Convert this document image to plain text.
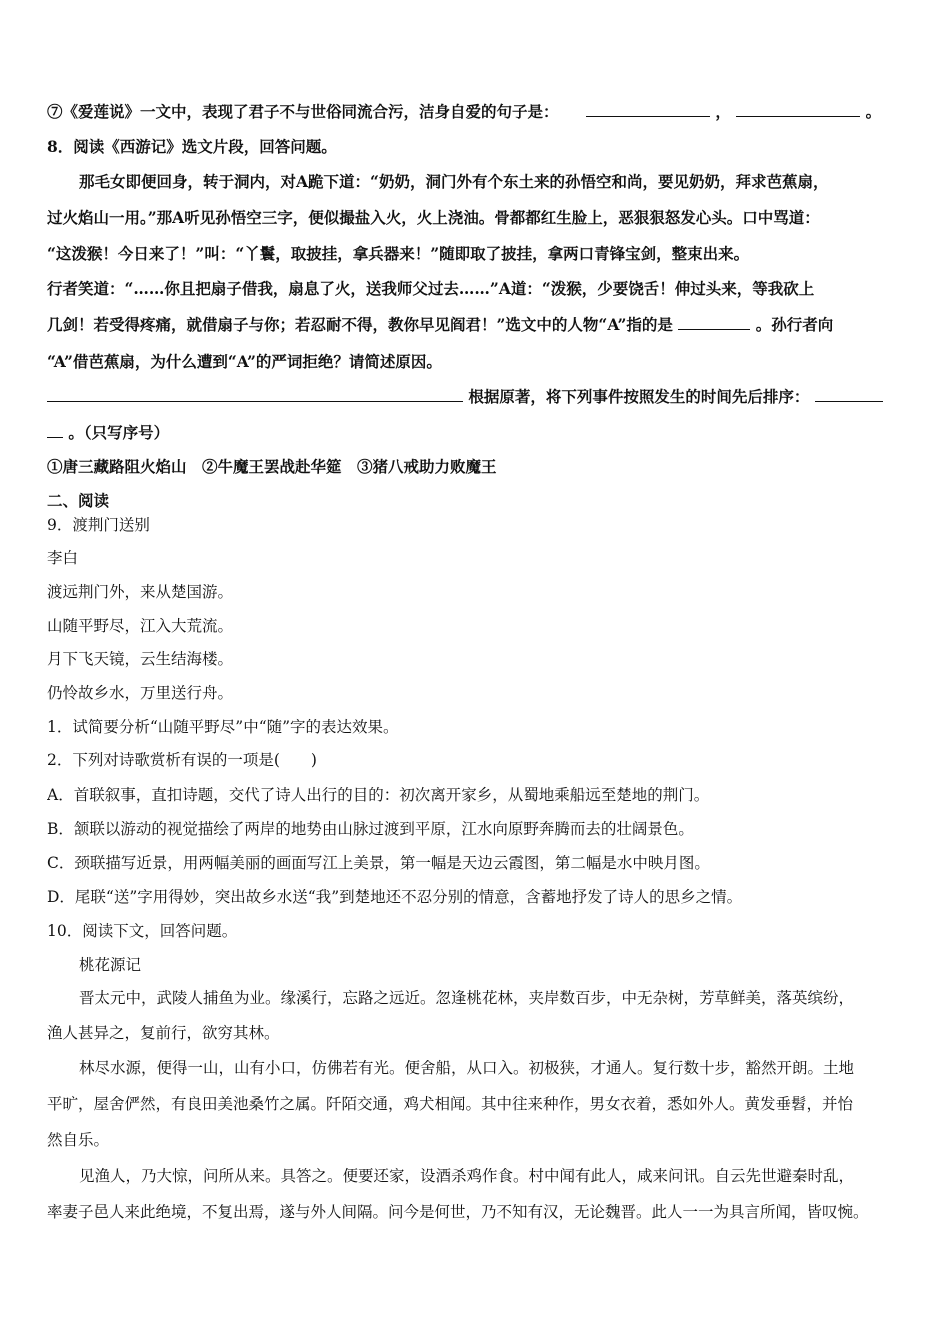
⑦《爱莲说》一文中，表现了君子不与世俗同流合污，洁身自爱的句子是：	，	。
8．阅读《西游记》选文片段，回答问题。
那毛女即便回身，转于洞内，对A跪下道：“奶奶，洞门外有个东土来的孙悟空和尚，要见奶奶，拜求芭蕉扇，
过火焰山一用。”那A听见孙悟空三字，便似撮盐入火，火上浇油。骨都都红生脸上，恶狠狠怒发心头。口中骂道：
“这泼猴！今日来了！”叫：“丫鬟，取披挂，拿兵器来！”随即取了披挂，拿两口青锋宝剑，整束出来。
行者笑道：“……你且把扇子借我，扇息了火，送我师父过去……”A道：“泼猴，少要饶舌！伸过头来，等我砍上
几剑！若受得疼痛，就借扇子与你；若忍耐不得，教你早见阎君！”选文中的人物“A”指的是	。孙行者向
“A”借芭蕉扇，为什么遭到“A”的严词拒绝？请简述原因。
根据原著，将下列事件按照发生的时间先后排序：
。（只写序号）
①唐三藏路阻火焰山　②牛魔王罢战赴华筵　③猪八戒助力败魔王
二、阅读
9．渡荆门送别
李白
渡远荆门外，来从楚国游。
山随平野尽，江入大荒流。
月下飞天镜，云生结海楼。
仍怜故乡水，万里送行舟。
1．试简要分析“山随平野尽”中“随”字的表达效果。
2．下列对诗歌赏析有误的一项是(　　)
A．首联叙事，直扣诗题，交代了诗人出行的目的：初次离开家乡，从蜀地乘船远至楚地的荆门。
B．颔联以游动的视觉描绘了两岸的地势由山脉过渡到平原，江水向原野奔腾而去的壮阔景色。
C．颈联描写近景，用两幅美丽的画面写江上美景，第一幅是天边云霞图，第二幅是水中映月图。
D．尾联“送”字用得妙，突出故乡水送“我”到楚地还不忍分别的情意，含蓄地抒发了诗人的思乡之情。
10．阅读下文，回答问题。
桃花源记
晋太元中，武陵人捕鱼为业。缘溪行，忘路之远近。忽逢桃花林，夹岸数百步，中无杂树，芳草鲜美，落英缤纷，
渔人甚异之，复前行，欲穷其林。
林尽水源，便得一山，山有小口，仿佛若有光。便舍船，从口入。初极狭，才通人。复行数十步，豁然开朗。土地
平旷，屋舍俨然，有良田美池桑竹之属。阡陌交通，鸡犬相闻。其中往来种作，男女衣着，悉如外人。黄发垂髫，并怡
然自乐。
见渔人，乃大惊，问所从来。具答之。便要还家，设酒杀鸡作食。村中闻有此人，咸来问讯。自云先世避秦时乱，
率妻子邑人来此绝境，不复出焉，遂与外人间隔。问今是何世，乃不知有汉，无论魏晋。此人一一为具言所闻，皆叹惋。
